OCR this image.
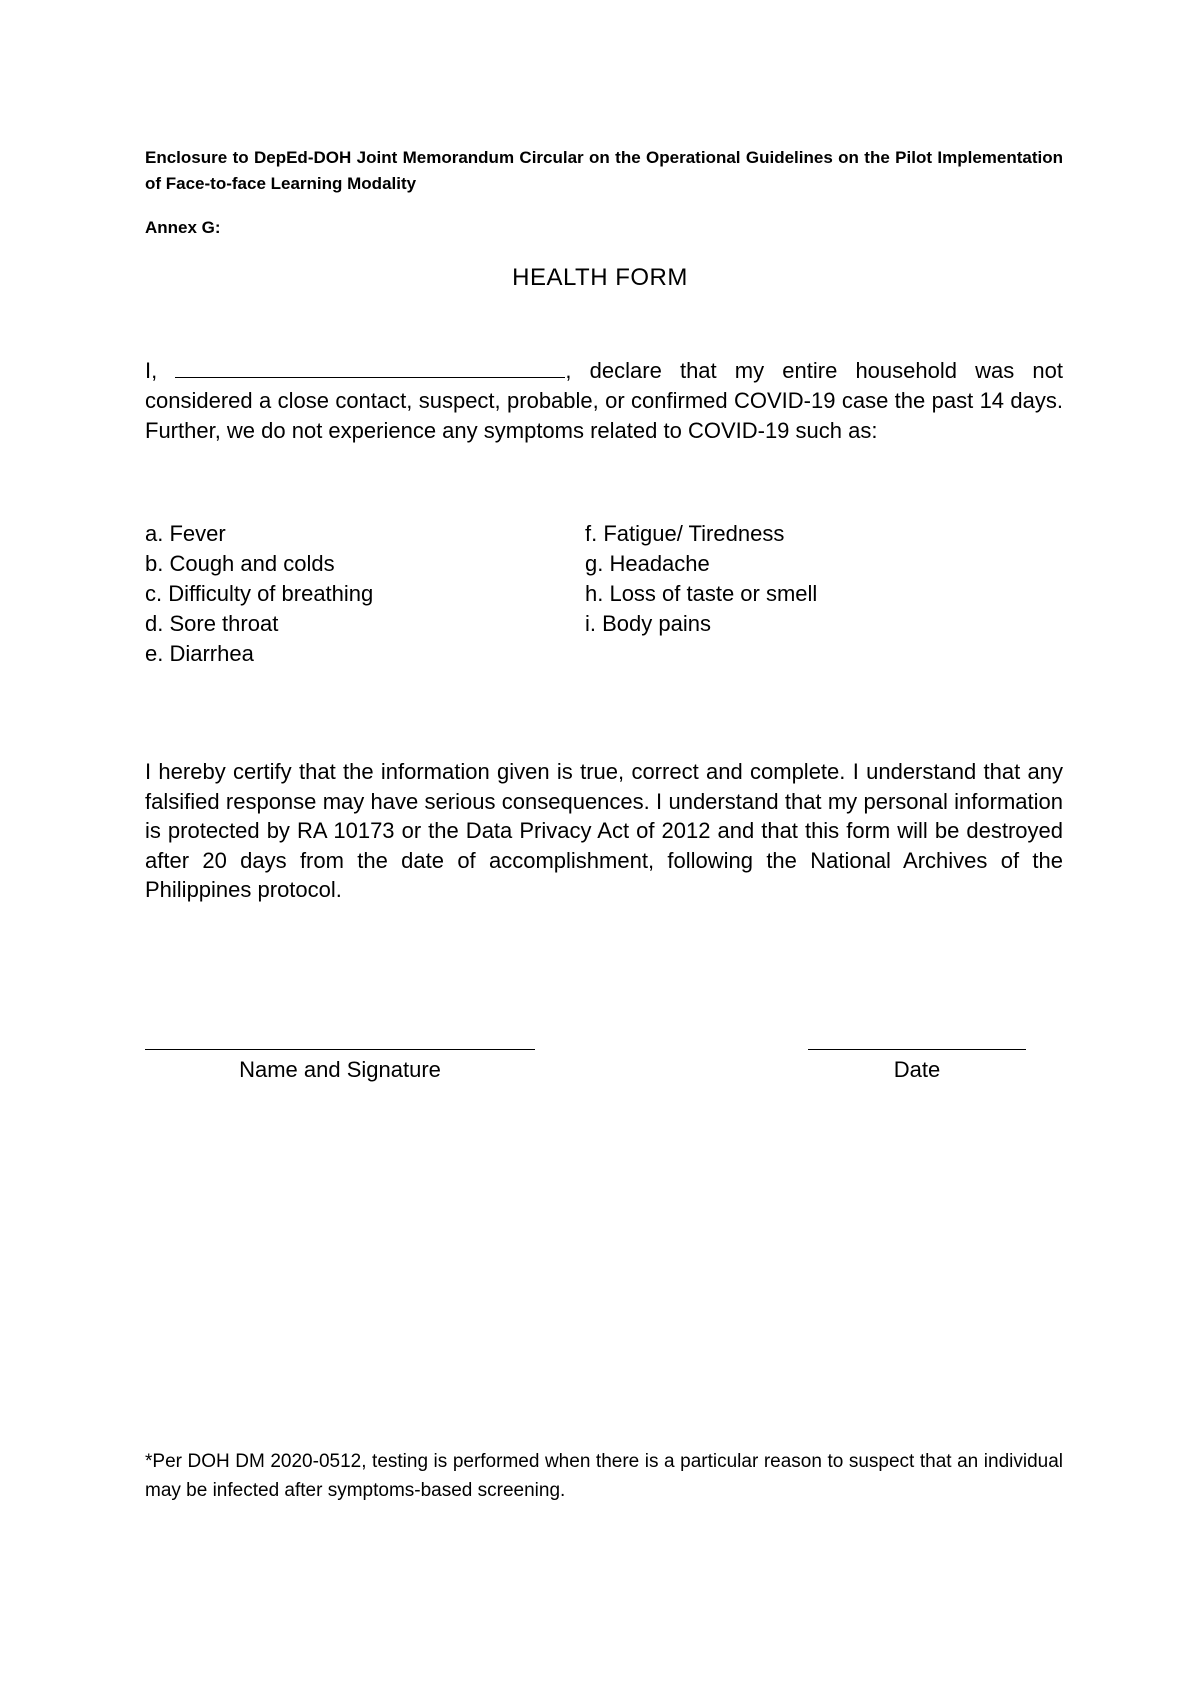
Enclosure to DepEd-DOH Joint Memorandum Circular on the Operational Guidelines on the Pilot Implementation of Face-to-face Learning Modality
Annex G:
HEALTH FORM
I,	, declare that my entire household was not considered a close contact, suspect, probable, or confirmed COVID-19 case the past 14 days. Further, we do not experience any symptoms related to COVID-19 such as:
a. Fever
b. Cough and colds
c. Difficulty of breathing
d. Sore throat
e. Diarrhea
f. Fatigue/ Tiredness
g. Headache
h. Loss of taste or smell
i. Body pains
I hereby certify that the information given is true, correct and complete. I understand that any falsified response may have serious consequences. I understand that my personal information is protected by RA 10173 or the Data Privacy Act of 2012 and that this form will be destroyed after 20 days from the date of accomplishment, following the National Archives of the Philippines protocol.
Name and Signature	Date
*Per DOH DM 2020-0512, testing is performed when there is a particular reason to suspect that an individual may be infected after symptoms-based screening.
